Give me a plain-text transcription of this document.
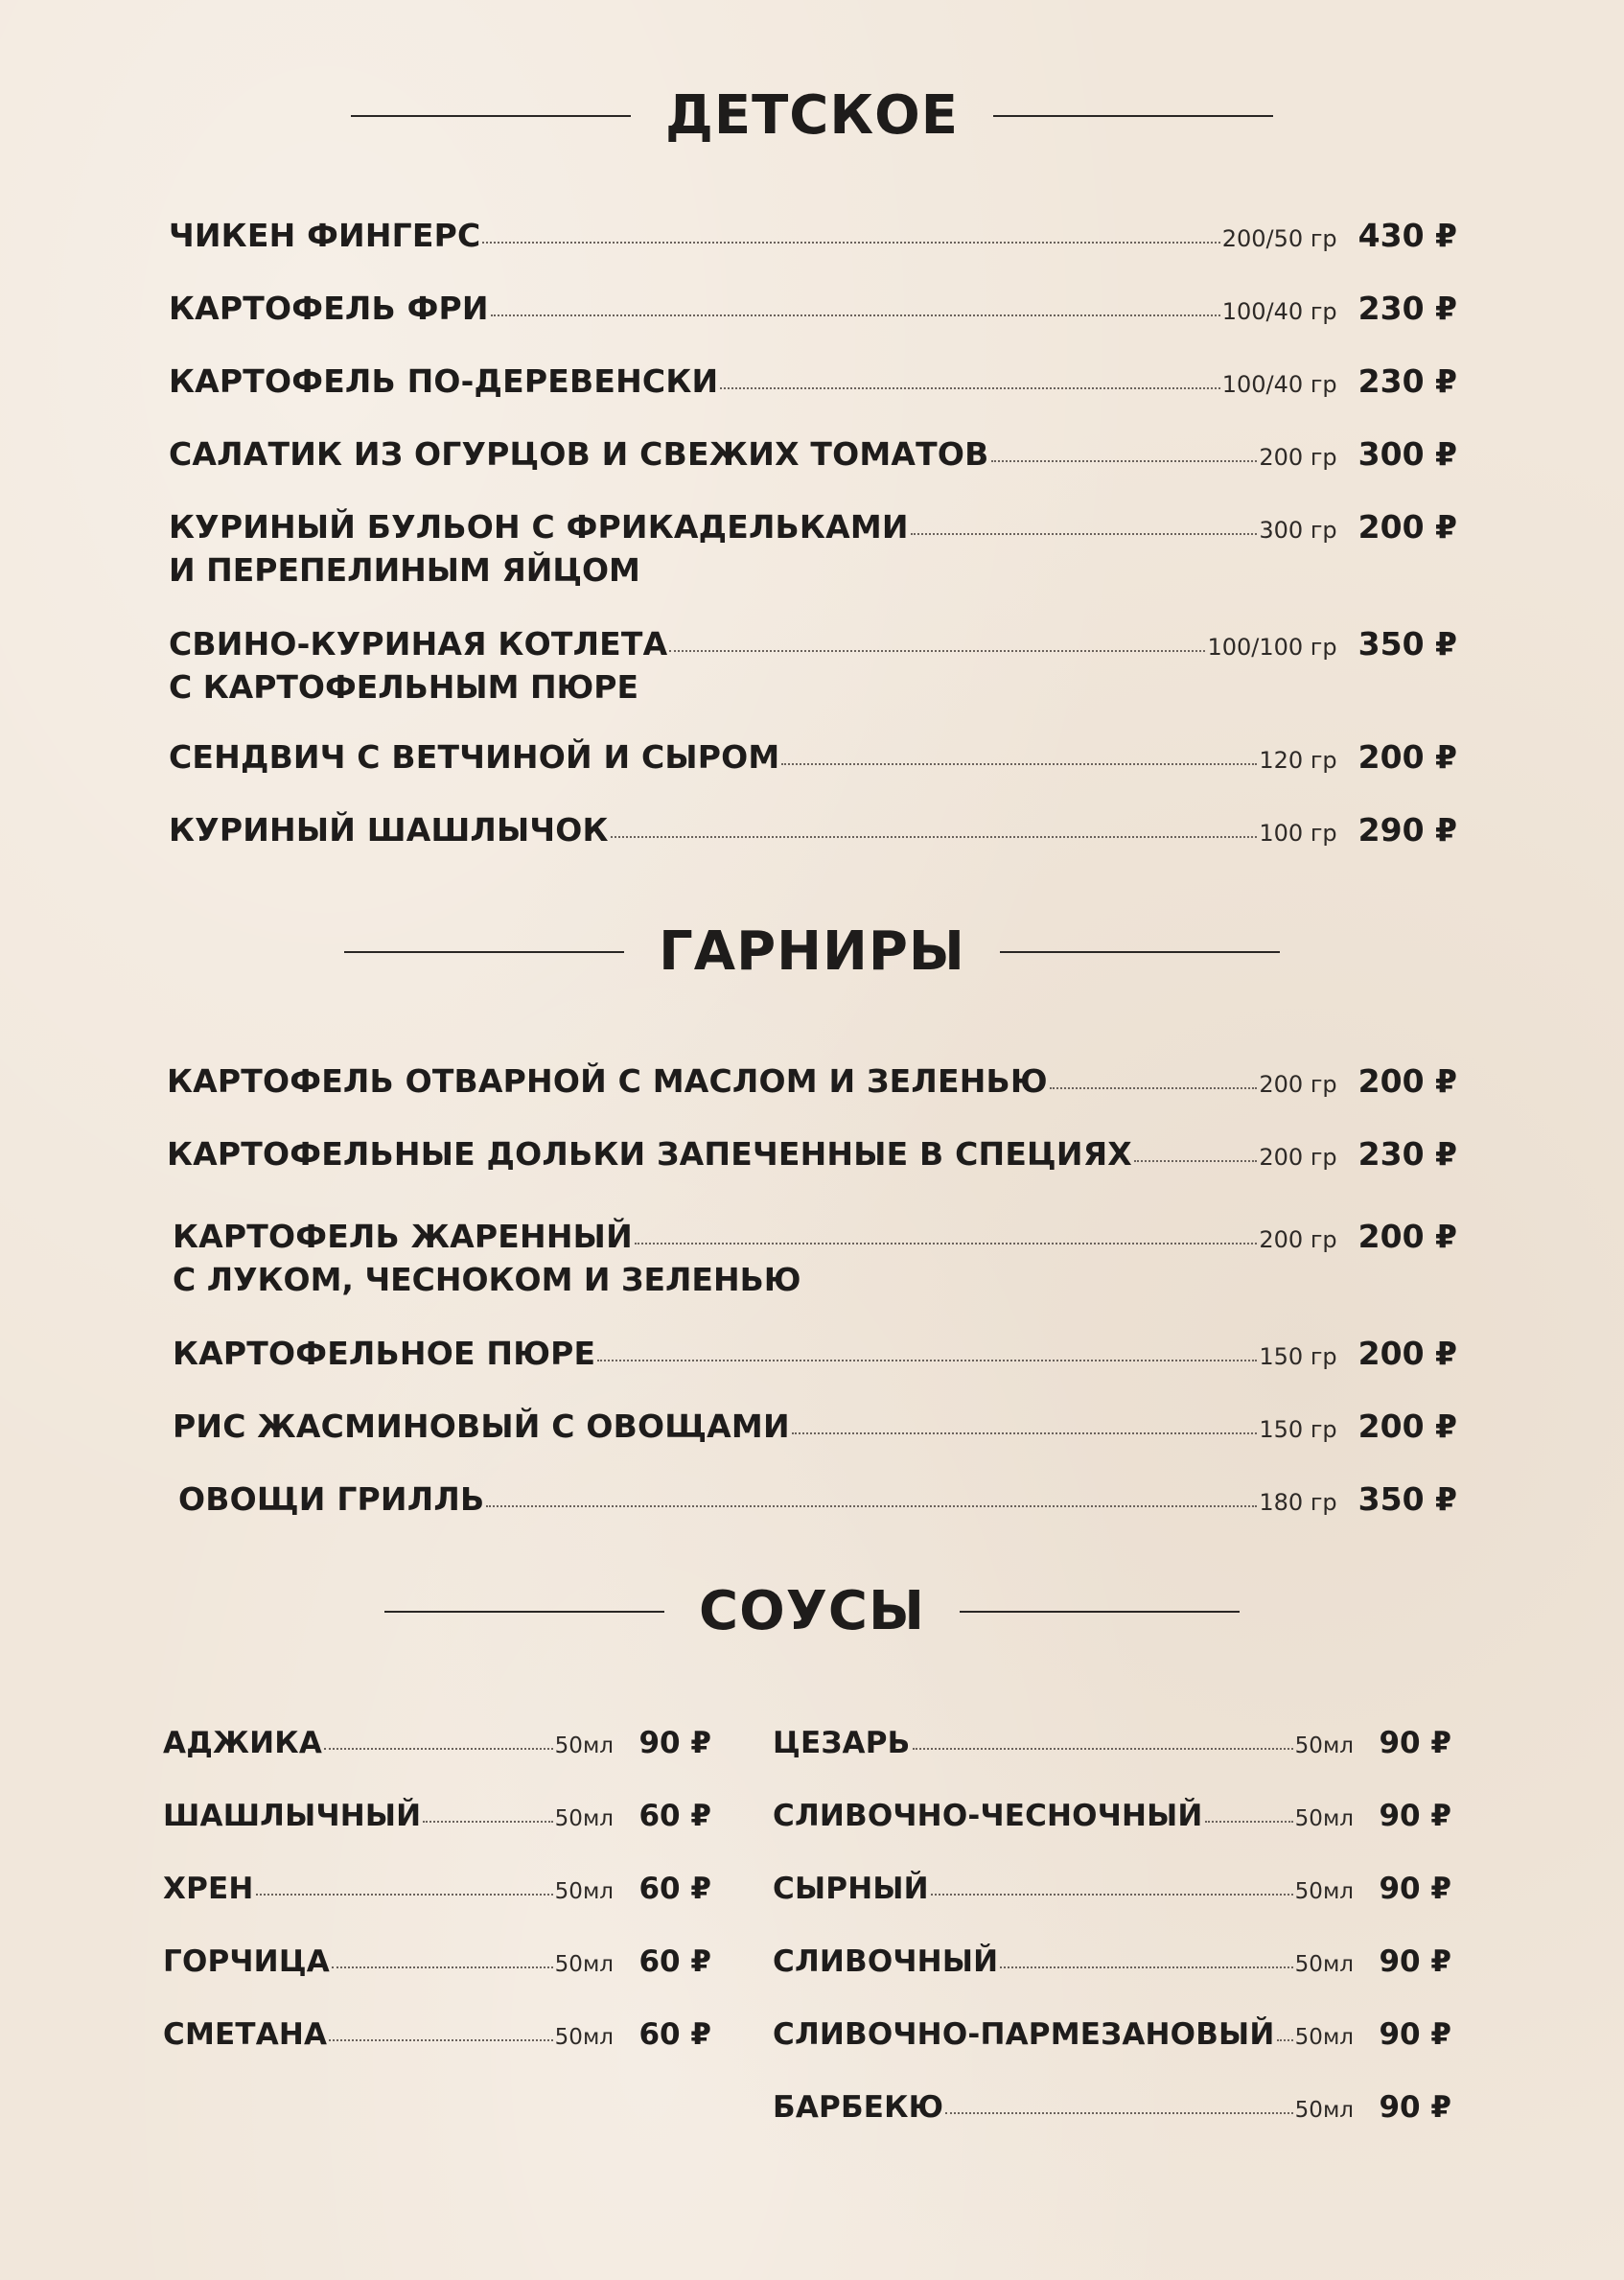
ДЕТСКОЕ
ЧИКЕН ФИНГЕРС	200/50 гр 430 ₽
КАРТОФЕЛЬ ФРИ	100/40 гр 230 ₽
КАРТОФЕЛЬ ПО-ДЕРЕВЕНСКИ	100/40 гр 230 ₽
САЛАТИК ИЗ ОГУРЦОВ И СВЕЖИХ ТОМАТОВ	200 гр 300 ₽
КУРИНЫЙ БУЛЬОН С ФРИКАДЕЛЬКАМИ	300 гр 200 ₽
И ПЕРЕПЕЛИНЫМ ЯЙЦОМ
СВИНО-КУРИНАЯ КОТЛЕТА	100/100 гр 350 ₽
С КАРТОФЕЛЬНЫМ ПЮРЕ
СЕНДВИЧ С ВЕТЧИНОЙ И СЫРОМ	120 гр 200 ₽
КУРИНЫЙ ШАШЛЫЧОК	100 гр 290 ₽
ГАРНИРЫ
КАРТОФЕЛЬ ОТВАРНОЙ С МАСЛОМ И ЗЕЛЕНЬЮ	200 гр 200 ₽
КАРТОФЕЛЬНЫЕ ДОЛЬКИ ЗАПЕЧЕННЫЕ В СПЕЦИЯХ	200 гр 230 ₽
КАРТОФЕЛЬ ЖАРЕННЫЙ	200 гр 200 ₽
С ЛУКОМ, ЧЕСНОКОМ И ЗЕЛЕНЬЮ
КАРТОФЕЛЬНОЕ ПЮРЕ	150 гр 200 ₽
РИС ЖАСМИНОВЫЙ С ОВОЩАМИ	150 гр 200 ₽
ОВОЩИ ГРИЛЛЬ	180 гр 350 ₽
СОУСЫ
АДЖИКА	50мл 90 ₽
ШАШЛЫЧНЫЙ	50мл 60 ₽
ХРЕН	50мл 60 ₽
ГОРЧИЦА	50мл 60 ₽
СМЕТАНА	50мл 60 ₽
ЦЕЗАРЬ	50мл 90 ₽
СЛИВОЧНО-ЧЕСНОЧНЫЙ	50мл 90 ₽
СЫРНЫЙ	50мл 90 ₽
СЛИВОЧНЫЙ	50мл 90 ₽
СЛИВОЧНО-ПАРМЕЗАНОВЫЙ 50мл 90 ₽
БАРБЕКЮ	50мл 90 ₽
